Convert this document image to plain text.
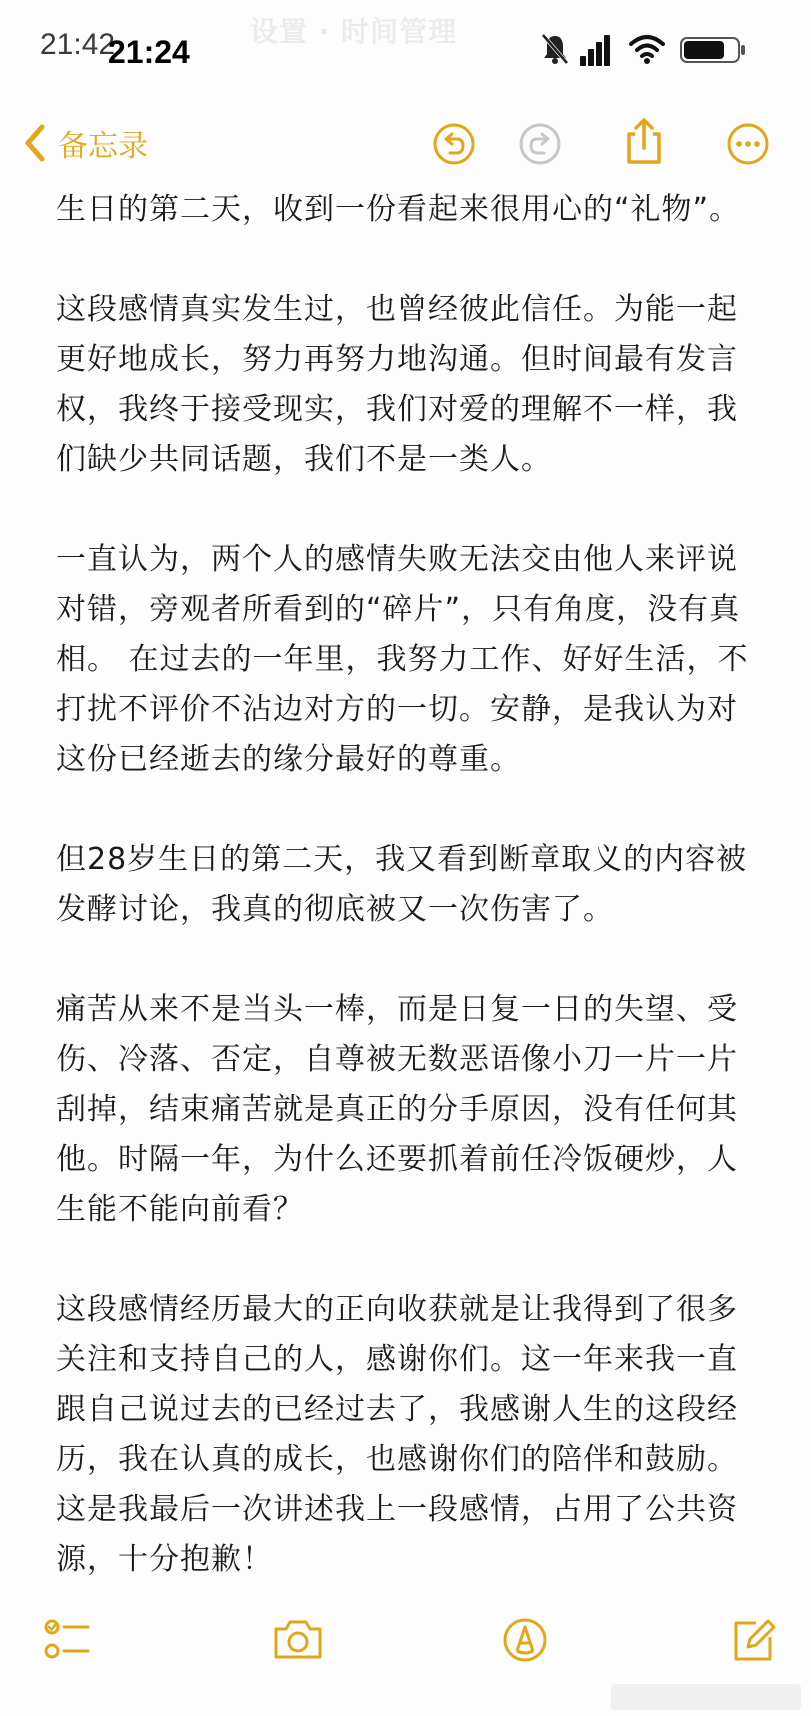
设置 · 时间管理
21:42
21:24
备忘录

生日的第二天，收到一份看起来很用心的“礼物”。

这段感情真实发生过，也曾经彼此信任。为能一起更好地成长，努力再努力地沟通。但时间最有发言权，我终于接受现实，我们对爱的理解不一样，我们缺少共同话题，我们不是一类人。

一直认为，两个人的感情失败无法交由他人来评说对错，旁观者所看到的“碎片”，只有角度，没有真相。 在过去的一年里，我努力工作、好好生活，不打扰不评价不沾边对方的一切。安静，是我认为对这份已经逝去的缘分最好的尊重。

但28岁生日的第二天，我又看到断章取义的内容被发酵讨论，我真的彻底被又一次伤害了。

痛苦从来不是当头一棒，而是日复一日的失望、受伤、冷落、否定，自尊被无数恶语像小刀一片一片刮掉，结束痛苦就是真正的分手原因，没有任何其他。时隔一年，为什么还要抓着前任冷饭硬炒，人生能不能向前看？

这段感情经历最大的正向收获就是让我得到了很多关注和支持自己的人，感谢你们。这一年来我一直跟自己说过去的已经过去了，我感谢人生的这段经历，我在认真的成长，也感谢你们的陪伴和鼓励。这是我最后一次讲述我上一段感情，占用了公共资源，十分抱歉！
